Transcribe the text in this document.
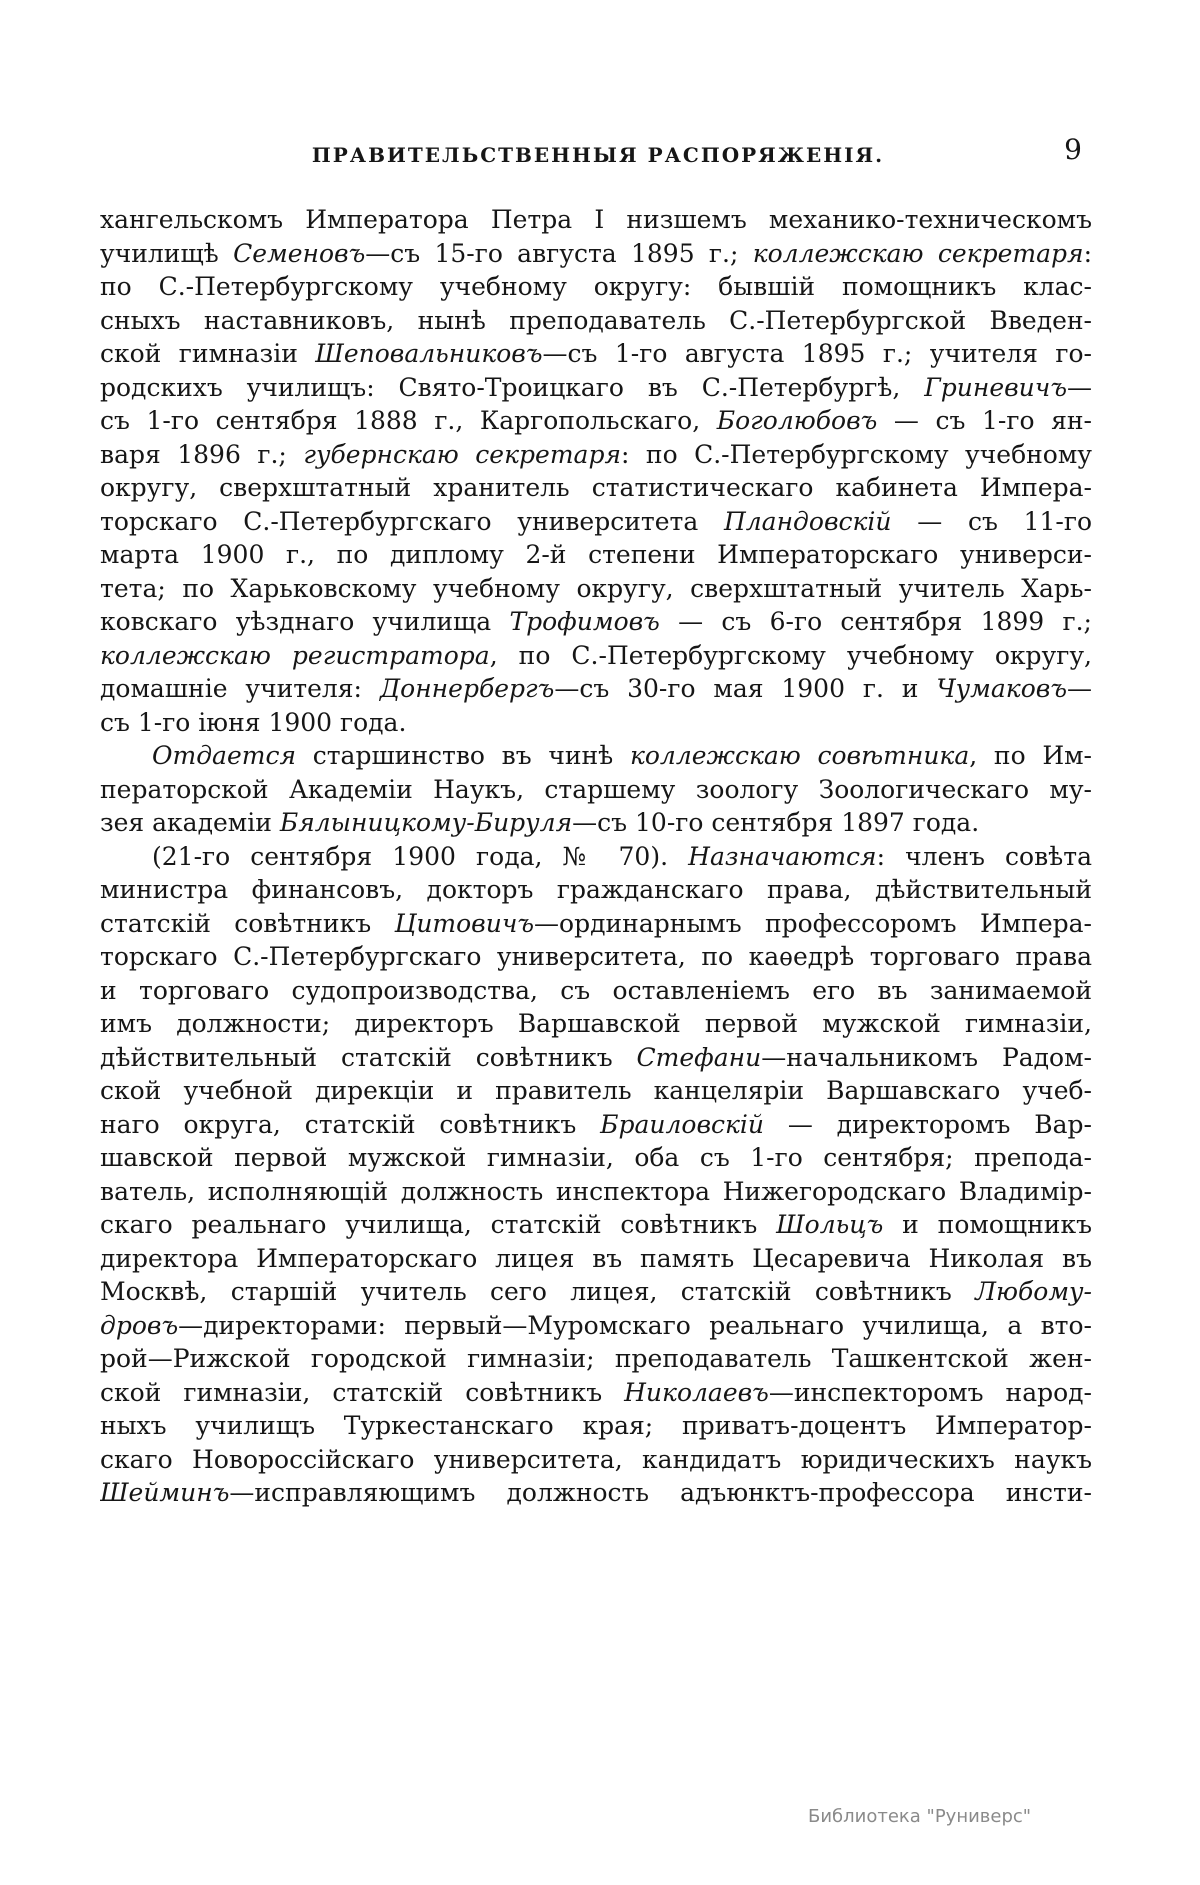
ПРАВИТЕЛЬСТВЕННЫЯ РАСПОРЯЖЕНІЯ.	9
хангельскомъ Императора Петра I низшемъ механико-техническомъ
училищѣ Семеновъ—съ 15-го августа 1895 г.; коллежскаю секретаря:
по С.-Петербургскому учебному округу: бывшій помощникъ клас-
сныхъ наставниковъ, нынѣ преподаватель С.-Петербургской Введен-
ской гимназіи Шеповальниковъ—съ 1-го августа 1895 г.; учителя го-
родскихъ училищъ: Свято-Троицкаго въ С.-Петербургѣ, Гриневичъ—
съ 1-го сентября 1888 г., Каргопольскаго, Боголюбовъ — съ 1-го ян-
варя 1896 г.; губернскаю секретаря: по С.-Петербургскому учебному
округу, сверхштатный хранитель статистическаго кабинета Импера-
торскаго С.-Петербургскаго университета Пландовскій — съ 11-го
марта 1900 г., по диплому 2-й степени Императорскаго универси-
тета; по Харьковскому учебному округу, сверхштатный учитель Харь-
ковскаго уѣзднаго училища Трофимовъ — съ 6-го сентября 1899 г.;
коллежскаю регистратора, по С.-Петербургскому учебному округу,
домашніе учителя: Доннербергъ—съ 30-го мая 1900 г. и Чумаковъ—
съ 1-го іюня 1900 года.
Отдается старшинство въ чинѣ коллежскаю совѣтника, по Им-
ператорской Академіи Наукъ, старшему зоологу Зоологическаго му-
зея академіи Бялыницкому-Бируля—съ 10-го сентября 1897 года.
(21-го сентября 1900 года, № 70). Назначаются: членъ совѣта
министра финансовъ, докторъ гражданскаго права, дѣйствительный
статскій совѣтникъ Цитовичъ—ординарнымъ профессоромъ Импера-
торскаго С.-Петербургскаго университета, по каѳедрѣ торговаго права
и торговаго судопроизводства, съ оставленіемъ его въ занимаемой
имъ должности; директоръ Варшавской первой мужской гимназіи,
дѣйствительный статскій совѣтникъ Стефани—начальникомъ Радом-
ской учебной дирекціи и правитель канцеляріи Варшавскаго учеб-
наго округа, статскій совѣтникъ Браиловскій — директоромъ Вар-
шавской первой мужской гимназіи, оба съ 1-го сентября; препода-
ватель, исполняющій должность инспектора Нижегородскаго Владимір-
скаго реальнаго училища, статскій совѣтникъ Шольцъ и помощникъ
директора Императорскаго лицея въ память Цесаревича Николая въ
Москвѣ, старшій учитель сего лицея, статскій совѣтникъ Любому-
дровъ—директорами: первый—Муромскаго реальнаго училища, а вто-
рой—Рижской городской гимназіи; преподаватель Ташкентской жен-
ской гимназіи, статскій совѣтникъ Николаевъ—инспекторомъ народ-
ныхъ училищъ Туркестанскаго края; приватъ-доцентъ Император-
скаго Новороссійскаго университета, кандидатъ юридическихъ наукъ
Шейминъ—исправляющимъ должность адъюнктъ-профессора инсти-
Библиотека "Руниверс"
